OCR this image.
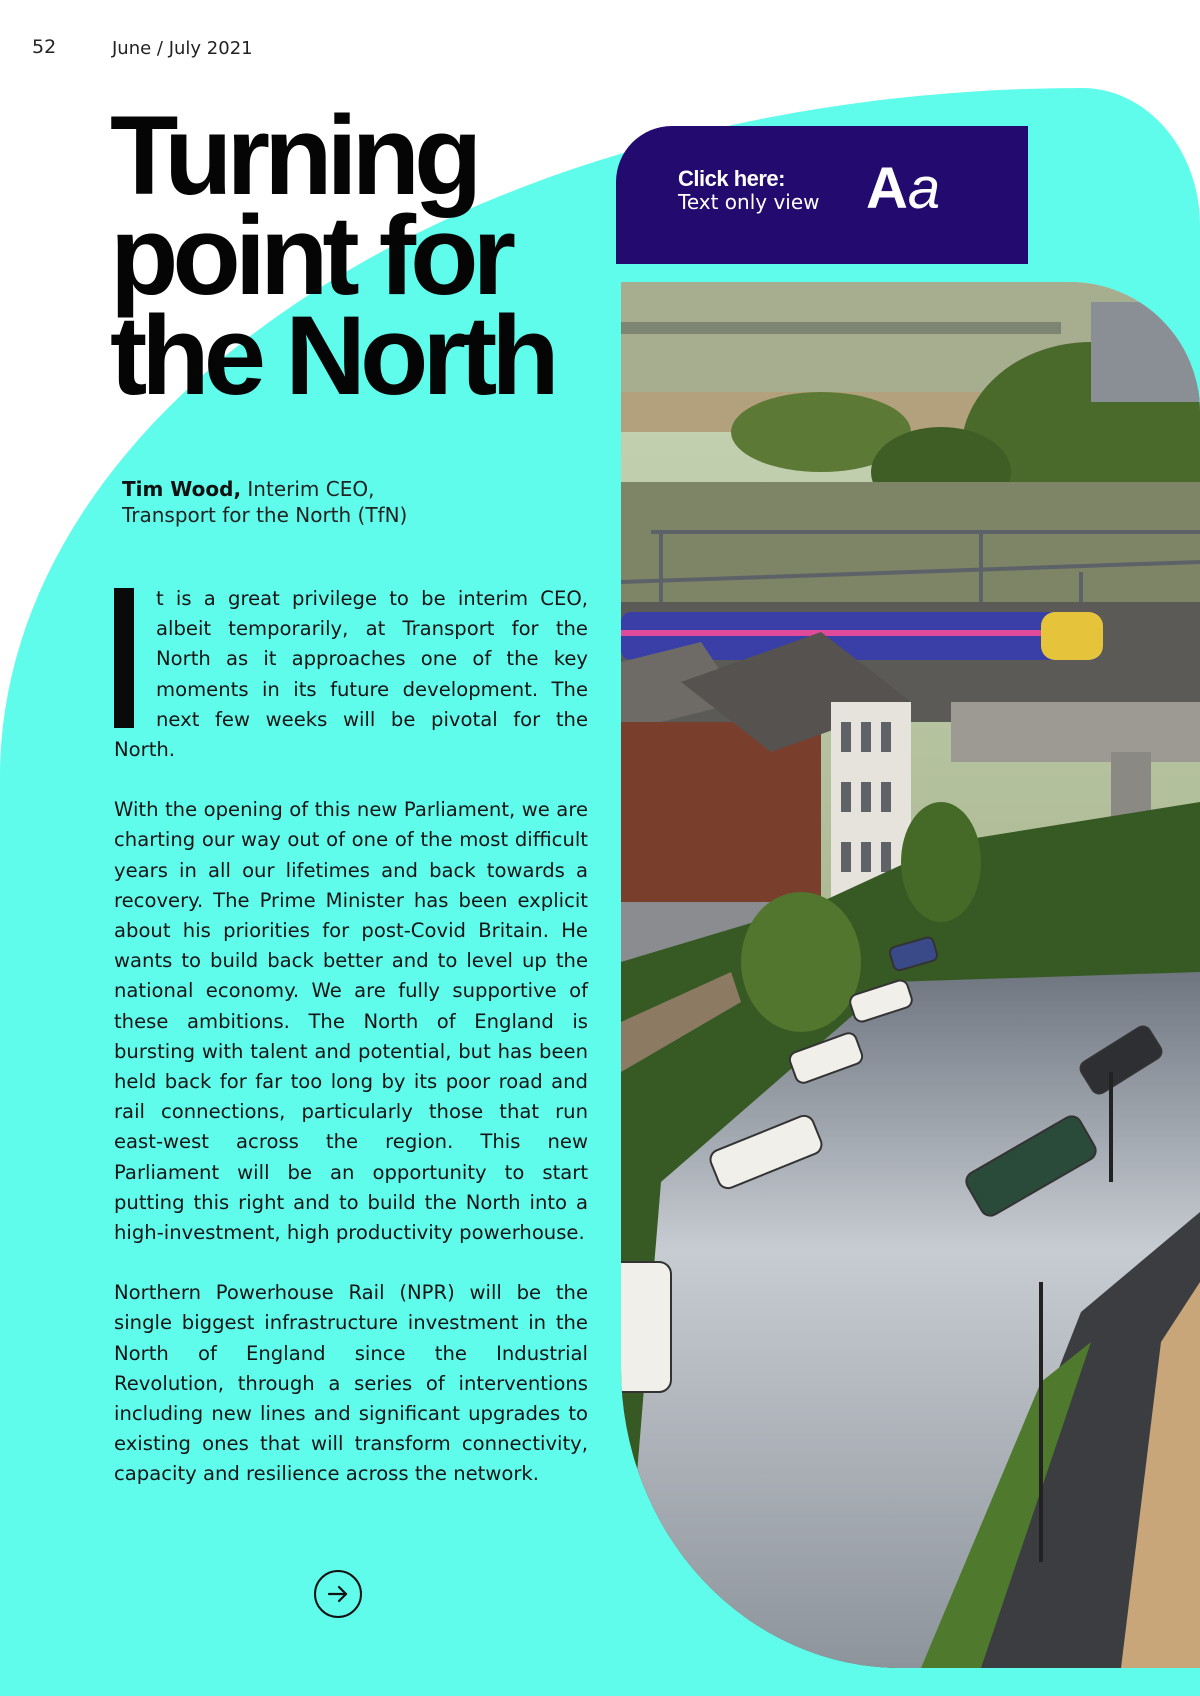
52	June / July 2021
Turning
point for
the North
Tim Wood, Interim CEO,
Transport for the North (TfN)

t is a great privilege to be interim CEO, albeit temporarily, at Transport for the North as it approaches one of the key moments in its future development. The next few weeks will be pivotal for the North.

With the opening of this new Parliament, we are charting our way out of one of the most difficult years in all our lifetimes and back towards a recovery. The Prime Minister has been explicit about his priorities for post-Covid Britain. He wants to build back better and to level up the national economy. We are fully supportive of these ambitions. The North of England is bursting with talent and potential, but has been held back for far too long by its poor road and rail connections, particularly those that run east-west across the region. This new Parliament will be an opportunity to start putting this right and to build the North into a high-investment, high productivity powerhouse.

Northern Powerhouse Rail (NPR) will be the single biggest infrastructure investment in the North of England since the Industrial Revolution, through a series of interventions including new lines and significant upgrades to existing ones that will transform connectivity, capacity and resilience across the network.

Click here:
Text only view Aa
